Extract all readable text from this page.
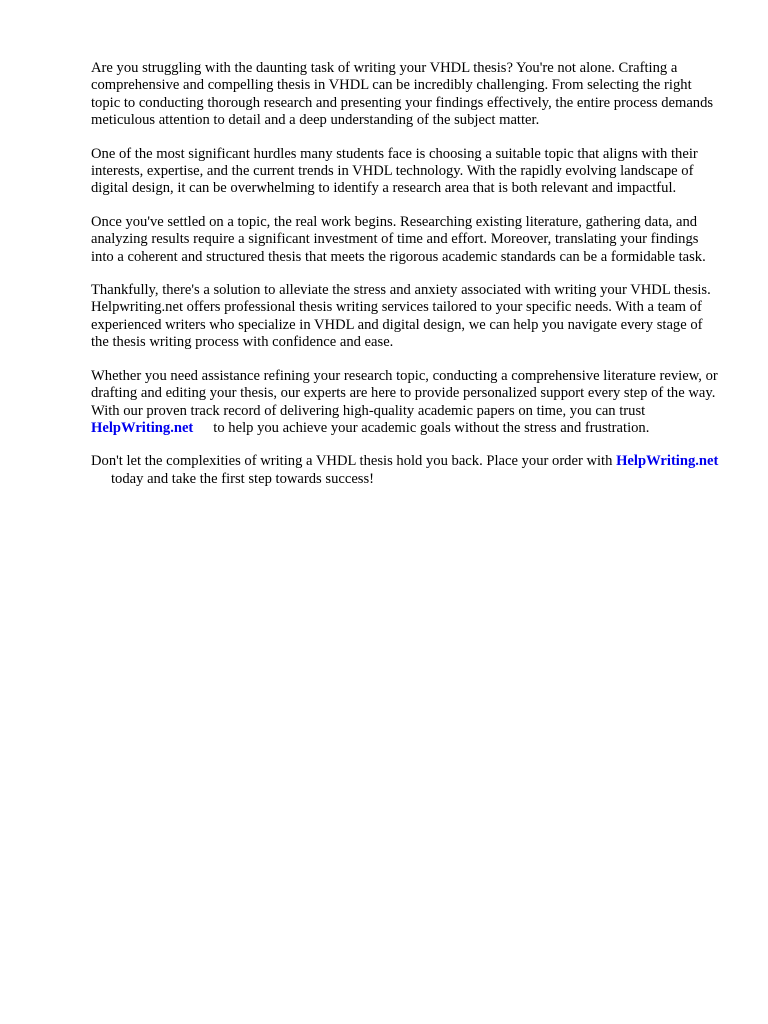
Are you struggling with the daunting task of writing your VHDL thesis? You're not alone. Crafting a comprehensive and compelling thesis in VHDL can be incredibly challenging. From selecting the right topic to conducting thorough research and presenting your findings effectively, the entire process demands meticulous attention to detail and a deep understanding of the subject matter.

One of the most significant hurdles many students face is choosing a suitable topic that aligns with their interests, expertise, and the current trends in VHDL technology. With the rapidly evolving landscape of digital design, it can be overwhelming to identify a research area that is both relevant and impactful.

Once you've settled on a topic, the real work begins. Researching existing literature, gathering data, and analyzing results require a significant investment of time and effort. Moreover, translating your findings into a coherent and structured thesis that meets the rigorous academic standards can be a formidable task.

Thankfully, there's a solution to alleviate the stress and anxiety associated with writing your VHDL thesis. Helpwriting.net offers professional thesis writing services tailored to your specific needs. With a team of experienced writers who specialize in VHDL and digital design, we can help you navigate every stage of the thesis writing process with confidence and ease.

Whether you need assistance refining your research topic, conducting a comprehensive literature review, or drafting and editing your thesis, our experts are here to provide personalized support every step of the way. With our proven track record of delivering high-quality academic papers on time, you can trustHelpWriting.net to help you achieve your academic goals without the stress and frustration.

Don't let the complexities of writing a VHDL thesis hold you back. Place your order with HelpWriting.nettoday and take the first step towards success!
